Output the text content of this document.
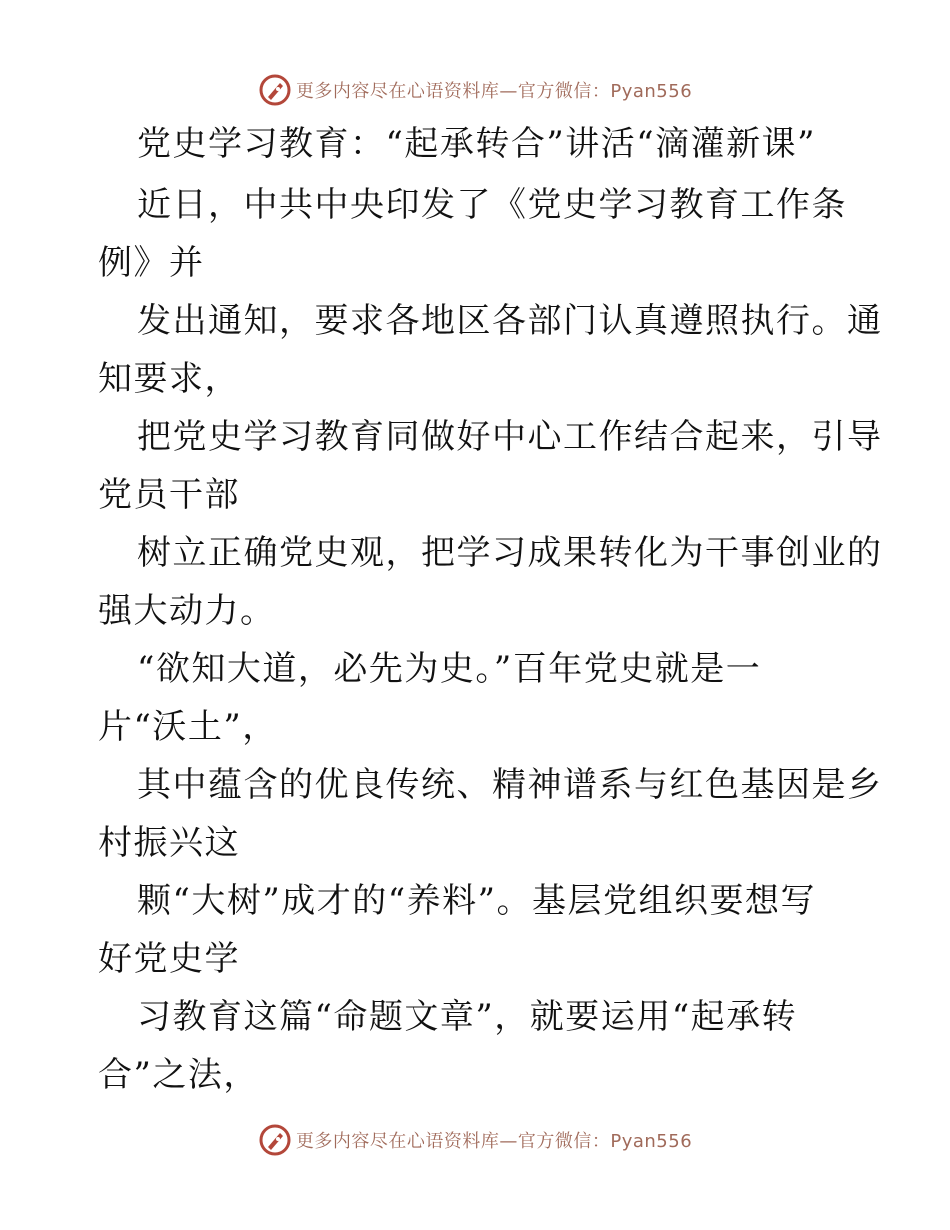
更多内容尽在心语资料库—官方微信：Pyan556
党史学习教育：“起承转合”讲活“滴灌新课”
近日，中共中央印发了《党史学习教育工作条
例》并
发出通知，要求各地区各部门认真遵照执行。通
知要求，
把党史学习教育同做好中心工作结合起来，引导
党员干部
树立正确党史观，把学习成果转化为干事创业的
强大动力。
“欲知大道，必先为史。”百年党史就是一
片“沃土”，
其中蕴含的优良传统、精神谱系与红色基因是乡
村振兴这
颗“大树”成才的“养料”。基层党组织要想写
好党史学
习教育这篇“命题文章”，就要运用“起承转
合”之法，
更多内容尽在心语资料库—官方微信：Pyan556
